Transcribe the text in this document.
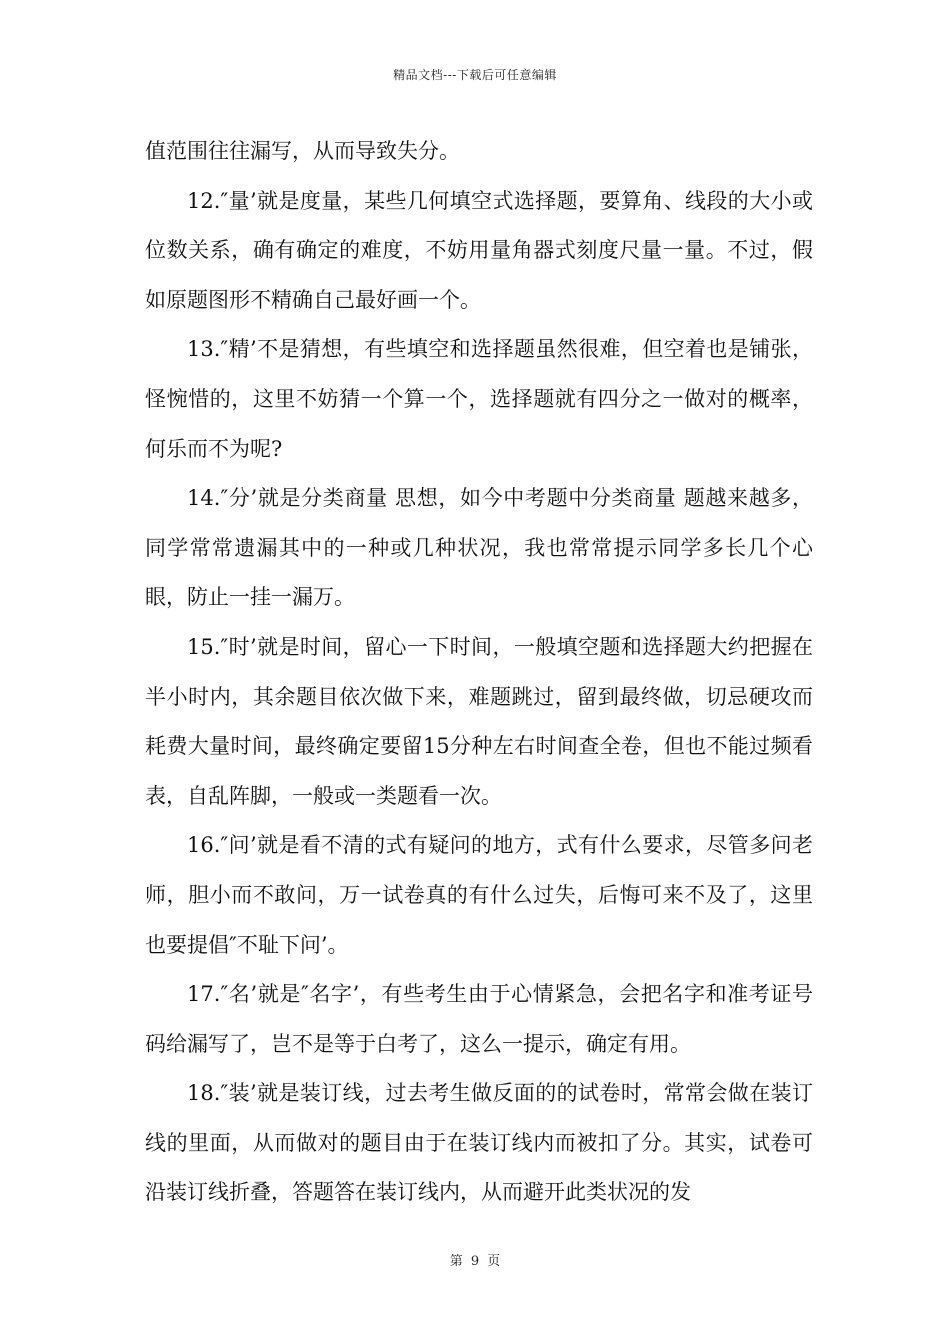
精品文档---下载后可任意编辑

值范围往往漏写，从而导致失分。

12.″量’就是度量，某些几何填空式选择题，要算角、线段的大小或位数关系，确有确定的难度，不妨用量角器式刻度尺量一量。不过，假如原题图形不精确自己最好画一个。

13.″精’不是猜想，有些填空和选择题虽然很难，但空着也是铺张，怪惋惜的，这里不妨猜一个算一个，选择题就有四分之一做对的概率，何乐而不为呢?

14.″分’就是分类商量 思想，如今中考题中分类商量 题越来越多，同学常常遗漏其中的一种或几种状况，我也常常提示同学多长几个心眼，防止一挂一漏万。

15.″时’就是时间，留心一下时间，一般填空题和选择题大约把握在半小时内，其余题目依次做下来，难题跳过，留到最终做，切忌硬攻而耗费大量时间，最终确定要留15分种左右时间查全卷，但也不能过频看表，自乱阵脚，一般或一类题看一次。

16.″问’就是看不清的式有疑问的地方，式有什么要求，尽管多问老师，胆小而不敢问，万一试卷真的有什么过失，后悔可来不及了，这里也要提倡″不耻下问’。

17.″名’就是″名字’，有些考生由于心情紧急，会把名字和准考证号码给漏写了，岂不是等于白考了，这么一提示，确定有用。

18.″装’就是装订线，过去考生做反面的的试卷时，常常会做在装订线的里面，从而做对的题目由于在装订线内而被扣了分。其实，试卷可沿装订线折叠，答题答在装订线内，从而避开此类状况的发

第 9 页
